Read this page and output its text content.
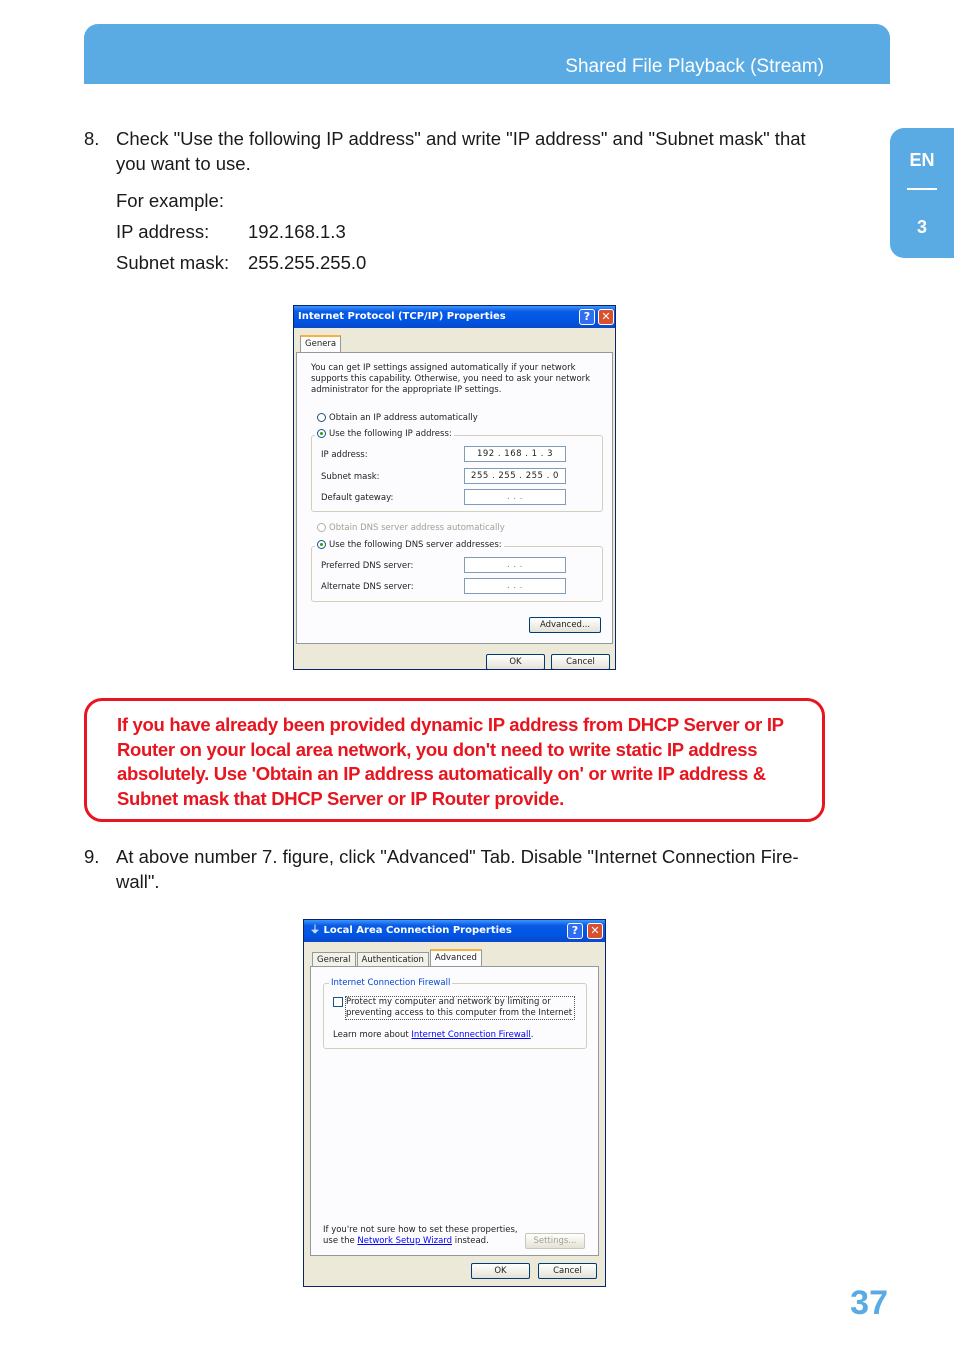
Shared File Playback (Stream)
EN
3
8. Check "Use the following IP address" and write "IP address" and "Subnet mask" that you want to use.
For example:
IP address: 192.168.1.3
Subnet mask: 255.255.255.0
Internet Protocol (TCP/IP) Properties	?	✕
Genera
You can get IP settings assigned automatically if your network supports this capability. Otherwise, you need to ask your network administrator for the appropriate IP settings.
Obtain an IP address automatically
Use the following IP address:
IP address:	192 . 168 . 1 . 3
Subnet mask:	255 . 255 . 255 . 0
Default gateway:	. . .
Obtain DNS server address automatically
Use the following DNS server addresses:
Preferred DNS server:	. . .
Alternate DNS server:	. . .
Advanced...
OK	Cancel
If you have already been provided dynamic IP address from DHCP Server or IP Router on your local area network, you don't need to write static IP address absolutely. Use 'Obtain an IP address automatically on' or write IP address & Subnet mask that DHCP Server or IP Router provide.
9. At above number 7. figure, click "Advanced" Tab. Disable "Internet Connection Fire-wall".
⏚ Local Area Connection Properties	?	✕
General	Authentication	Advanced
Internet Connection Firewall
Protect my computer and network by limiting or preventing access to this computer from the Internet
Learn more about Internet Connection Firewall.
If you're not sure how to set these properties, use the Network Setup Wizard instead.	Settings...
OK	Cancel
37
